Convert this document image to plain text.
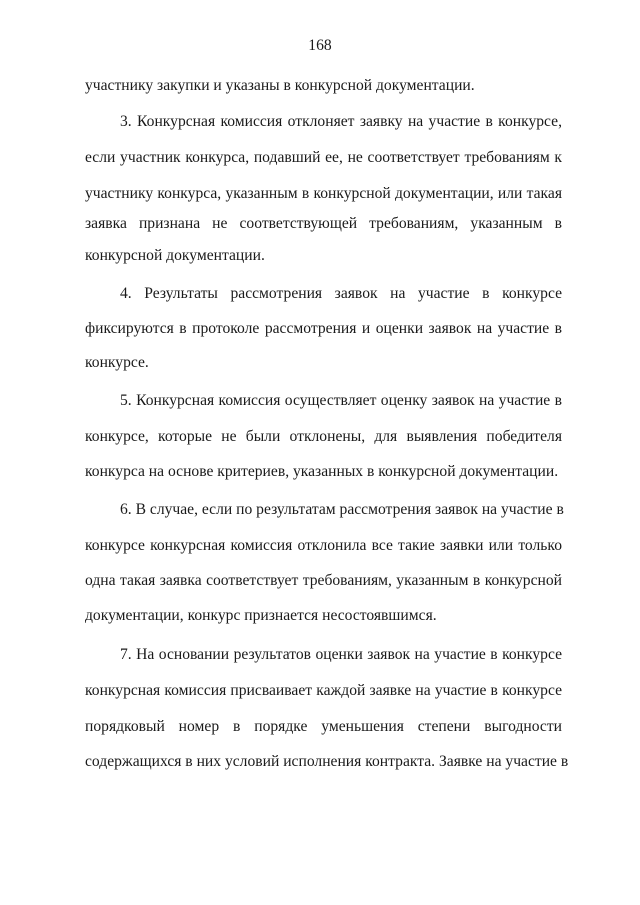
168
участнику закупки и указаны в конкурсной документации.
3. Конкурсная комиссия отклоняет заявку на участие в конкурсе,
если участник конкурса, подавший ее, не соответствует требованиям к
участнику конкурса, указанным в конкурсной документации, или такая
заявка признана не соответствующей требованиям, указанным в
конкурсной документации.
4. Результаты рассмотрения заявок на участие в конкурсе
фиксируются в протоколе рассмотрения и оценки заявок на участие в
конкурсе.
5. Конкурсная комиссия осуществляет оценку заявок на участие в
конкурсе, которые не были отклонены, для выявления победителя
конкурса на основе критериев, указанных в конкурсной документации.
6. В случае, если по результатам рассмотрения заявок на участие в
конкурсе конкурсная комиссия отклонила все такие заявки или только
одна такая заявка соответствует требованиям, указанным в конкурсной
документации, конкурс признается несостоявшимся.
7. На основании результатов оценки заявок на участие в конкурсе
конкурсная комиссия присваивает каждой заявке на участие в конкурсе
порядковый номер в порядке уменьшения степени выгодности
содержащихся в них условий исполнения контракта. Заявке на участие в
